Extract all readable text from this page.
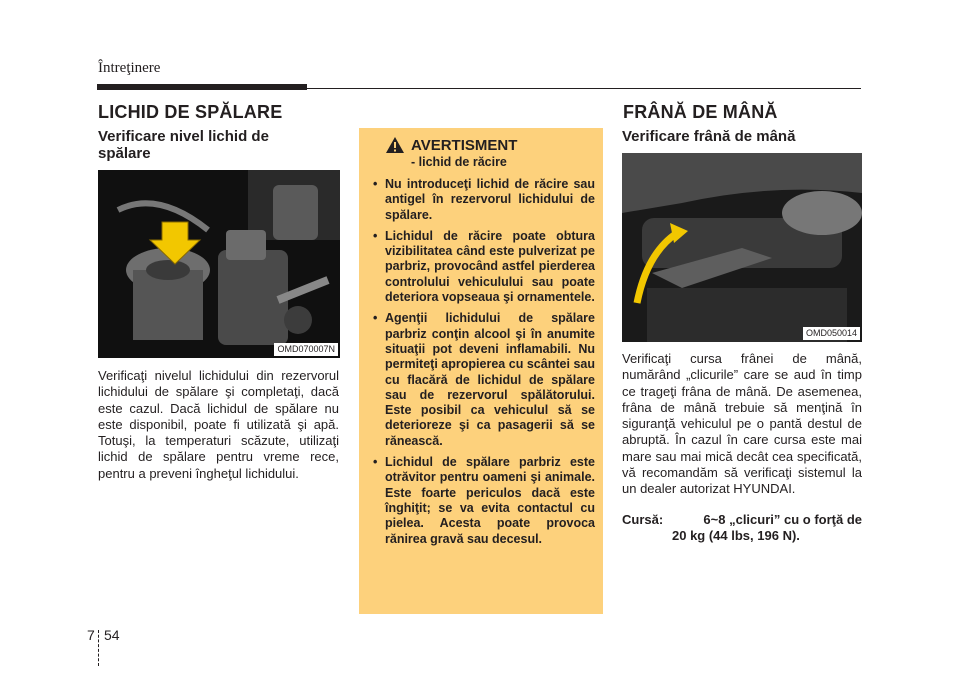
Întreţinere
LICHID DE SPĂLARE
Verificare nivel lichid de
spălare
OMD070007N
Verificaţi nivelul lichidului din rezervorul lichidului de spălare şi completaţi, dacă este cazul. Dacă lichidul de spălare nu este disponibil, poate fi utilizată şi apă. Totuşi, la temperaturi scăzute, utilizaţi lichid de spălare pentru vreme rece, pentru a preveni îngheţul lichidului.
AVERTISMENT
- lichid de răcire
• Nu introduceţi lichid de răcire sau antigel în rezervorul lichidului de spălare.
• Lichidul de răcire poate obtura vizibilitatea când este pulverizat pe parbriz, provocând astfel pierderea controlului vehiculului sau poate deteriora vopseaua şi ornamentele.
• Agenţii lichidului de spălare parbriz conţin alcool şi în anumite situaţii pot deveni inflamabili. Nu permiteţi apropierea cu scântei sau cu flacără de lichidul de spălare sau de rezervorul spălătorului. Este posibil ca vehiculul să se deterioreze şi ca pasagerii să se rănească.
• Lichidul de spălare parbriz este otrăvitor pentru oameni şi animale. Este foarte periculos dacă este înghiţit; se va evita contactul cu pielea. Acesta poate provoca rănirea gravă sau decesul.
FRÂNĂ DE MÂNĂ
Verificare frână de mână
OMD050014
Verificaţi cursa frânei de mână, numărând „clicurile” care se aud în timp ce trageţi frâna de mână. De asemenea, frâna de mână trebuie să menţină în siguranţă vehiculul pe o pantă destul de abruptă. În cazul în care cursa este mai mare sau mai mică decât cea specificată, vă recomandăm să verificaţi sistemul la un dealer autorizat HYUNDAI.
Cursă:	6~8 „clicuri” cu o forţă de
20 kg (44 lbs, 196 N).
7 54
